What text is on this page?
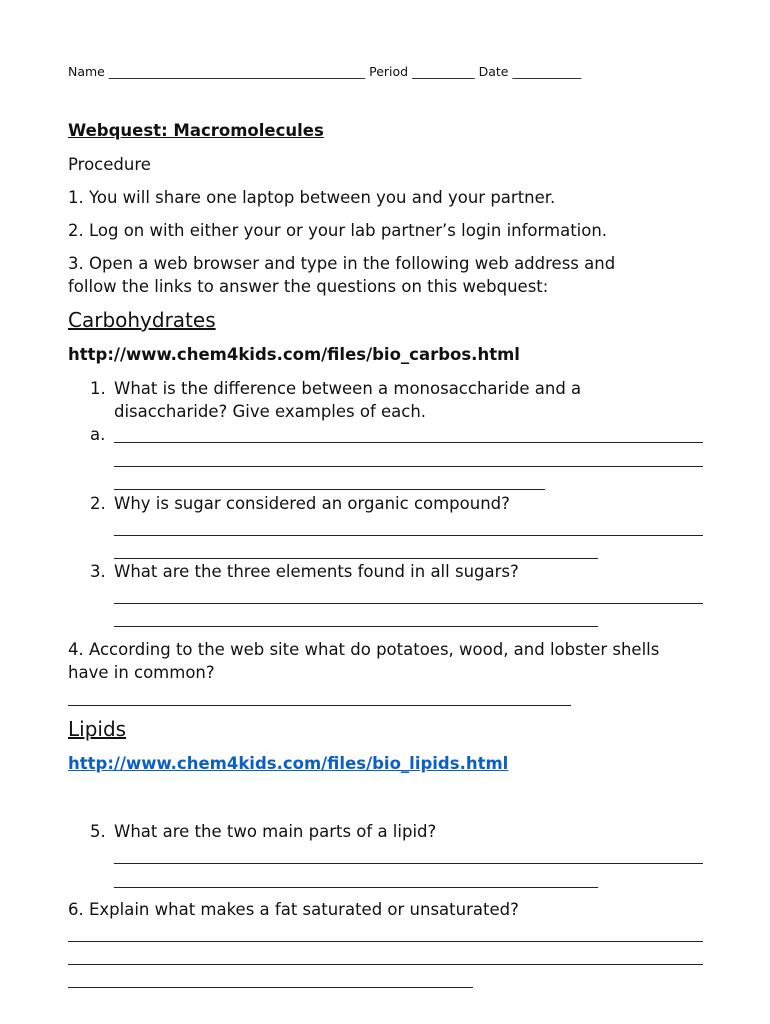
Name _________________________________________ Period __________ Date ___________
Webquest: Macromolecules
Procedure
1. You will share one laptop between you and your partner.
2. Log on with either your or your lab partner’s login information.
3. Open a web browser and type in the following web address and
follow the links to answer the questions on this webquest:
Carbohydrates
http://www.chem4kids.com/files/bio_carbos.html
1. What is the difference between a monosaccharide and a
disaccharide? Give examples of each.
a.
2. Why is sugar considered an organic compound?
3. What are the three elements found in all sugars?
4. According to the web site what do potatoes, wood, and lobster shells
have in common?
Lipids
http://www.chem4kids.com/files/bio_lipids.html
5. What are the two main parts of a lipid?
6. Explain what makes a fat saturated or unsaturated?
